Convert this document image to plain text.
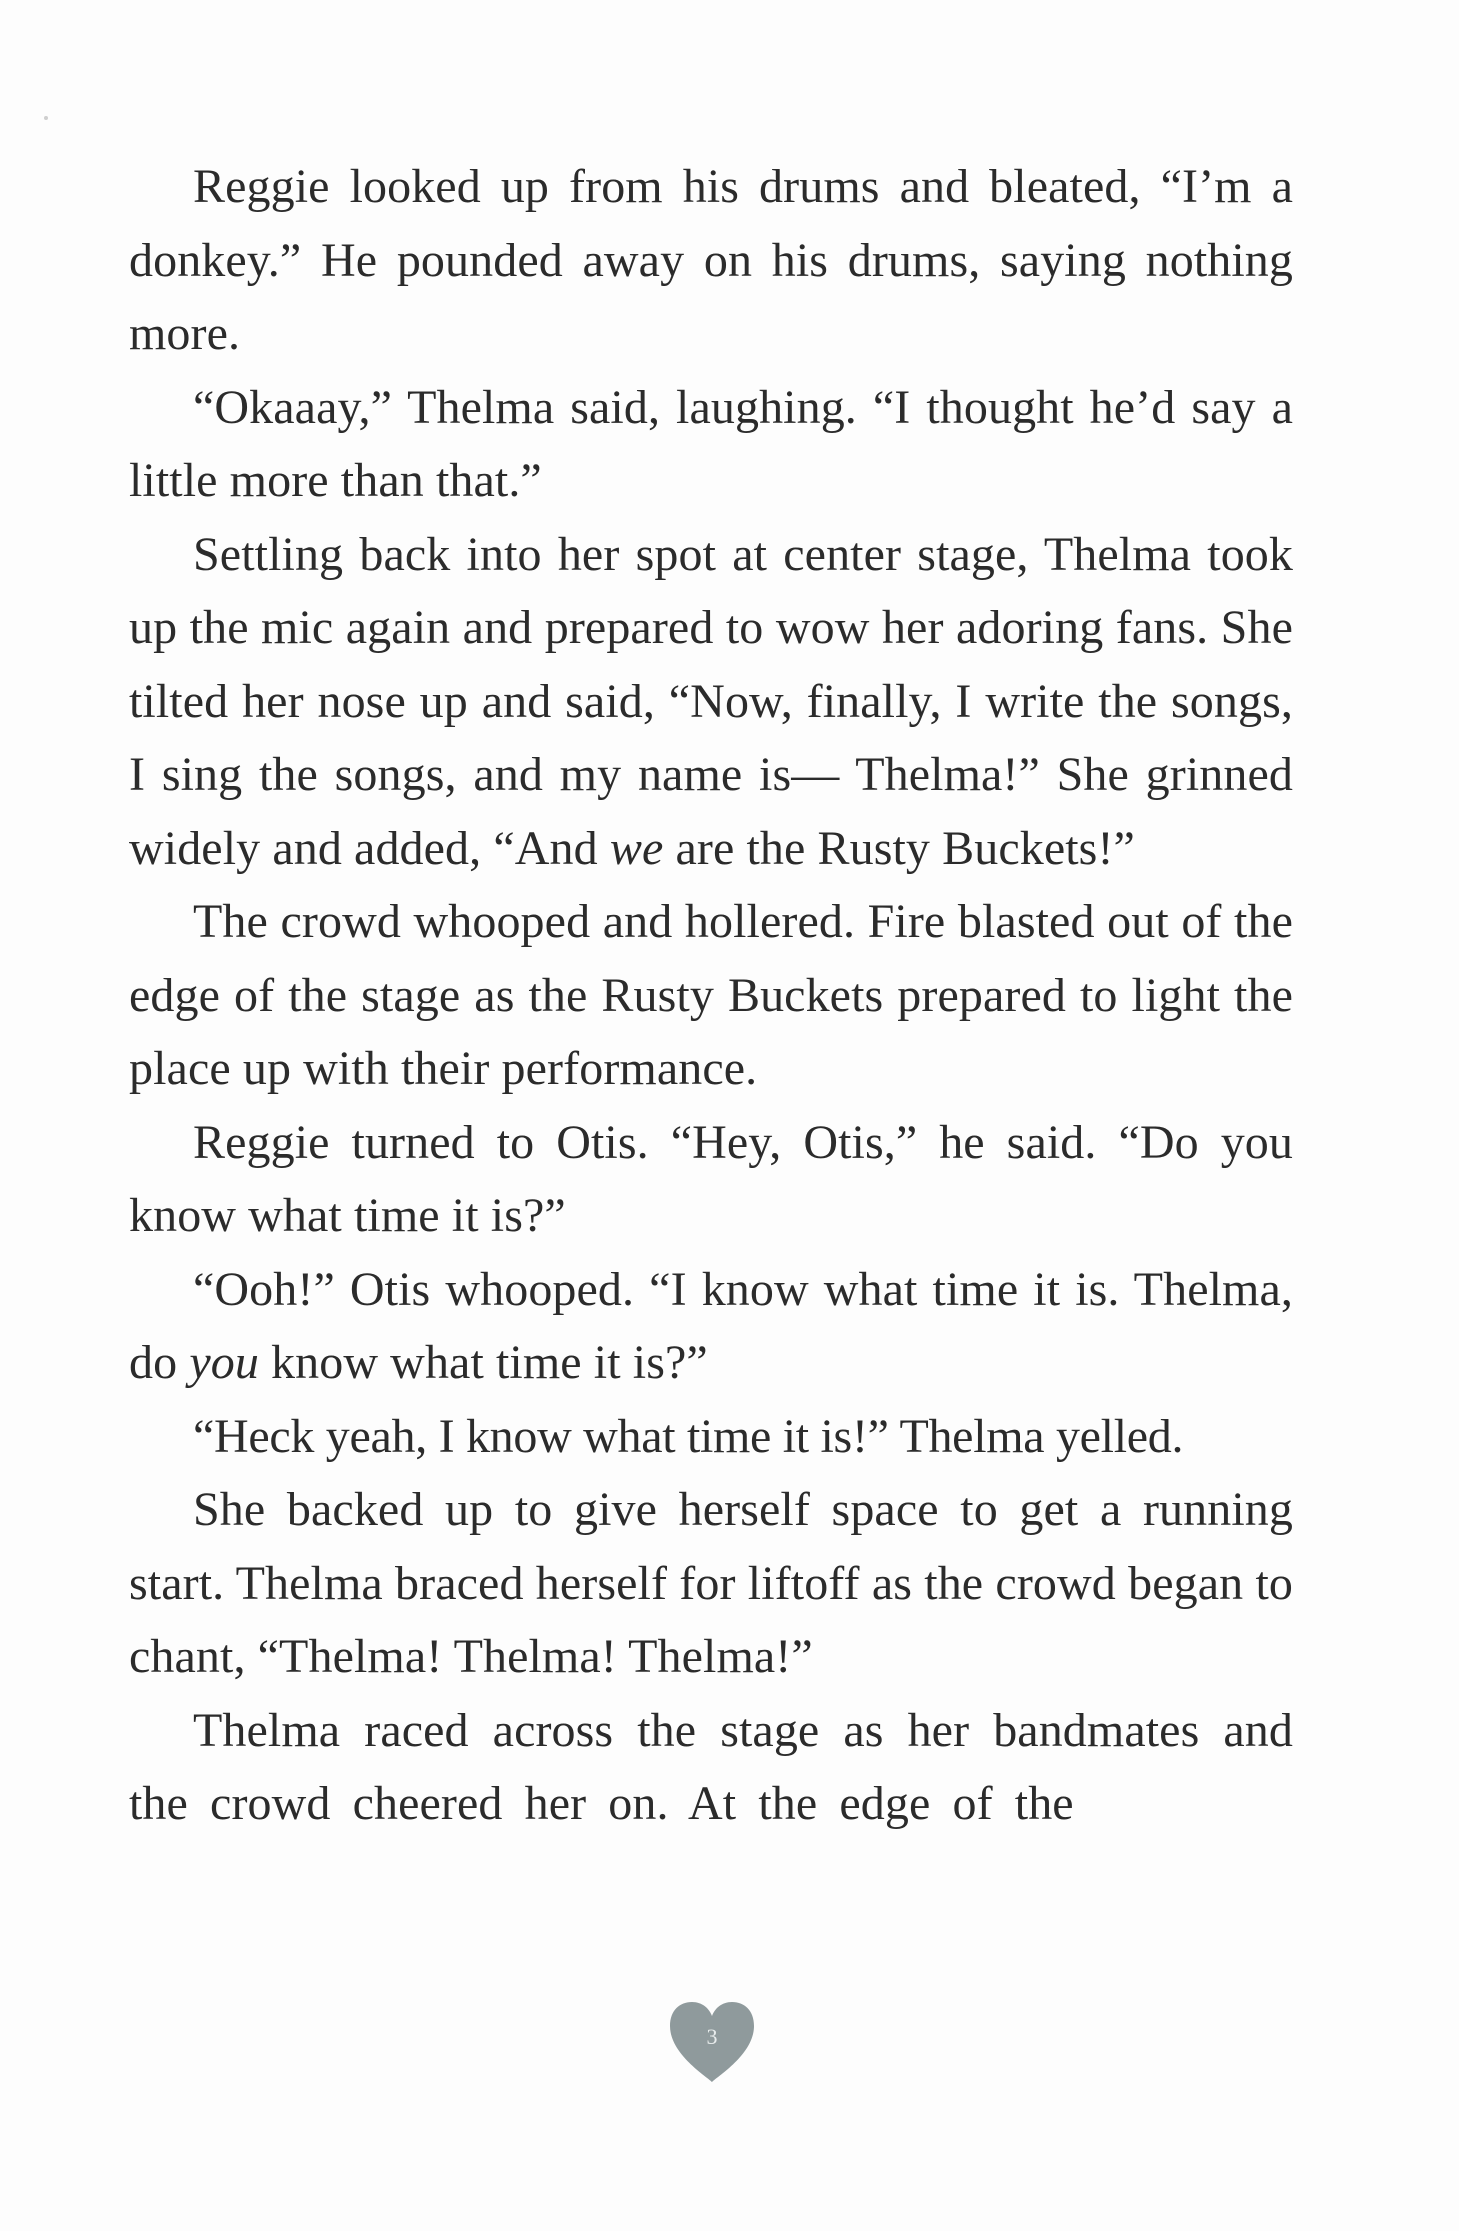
Reggie looked up from his drums and bleated, “I’m a donkey.” He pounded away on his drums, saying nothing more.

“Okaaay,” Thelma said, laughing. “I thought he’d say a little more than that.”

Settling back into her spot at center stage, Thelma took up the mic again and prepared to wow her adoring fans. She tilted her nose up and said, “Now, finally, I write the songs, I sing the songs, and my name is— Thelma!” She grinned widely and added, “And we are the Rusty Buckets!”

The crowd whooped and hollered. Fire blasted out of the edge of the stage as the Rusty Buckets prepared to light the place up with their performance.

Reggie turned to Otis. “Hey, Otis,” he said. “Do you know what time it is?”

“Ooh!” Otis whooped. “I know what time it is. Thelma, do you know what time it is?”

“Heck yeah, I know what time it is!” Thelma yelled.

She backed up to give herself space to get a running start. Thelma braced herself for liftoff as the crowd began to chant, “Thelma! Thelma! Thelma!”

Thelma raced across the stage as her bandmates and the crowd cheered her on. At the edge of the

3
